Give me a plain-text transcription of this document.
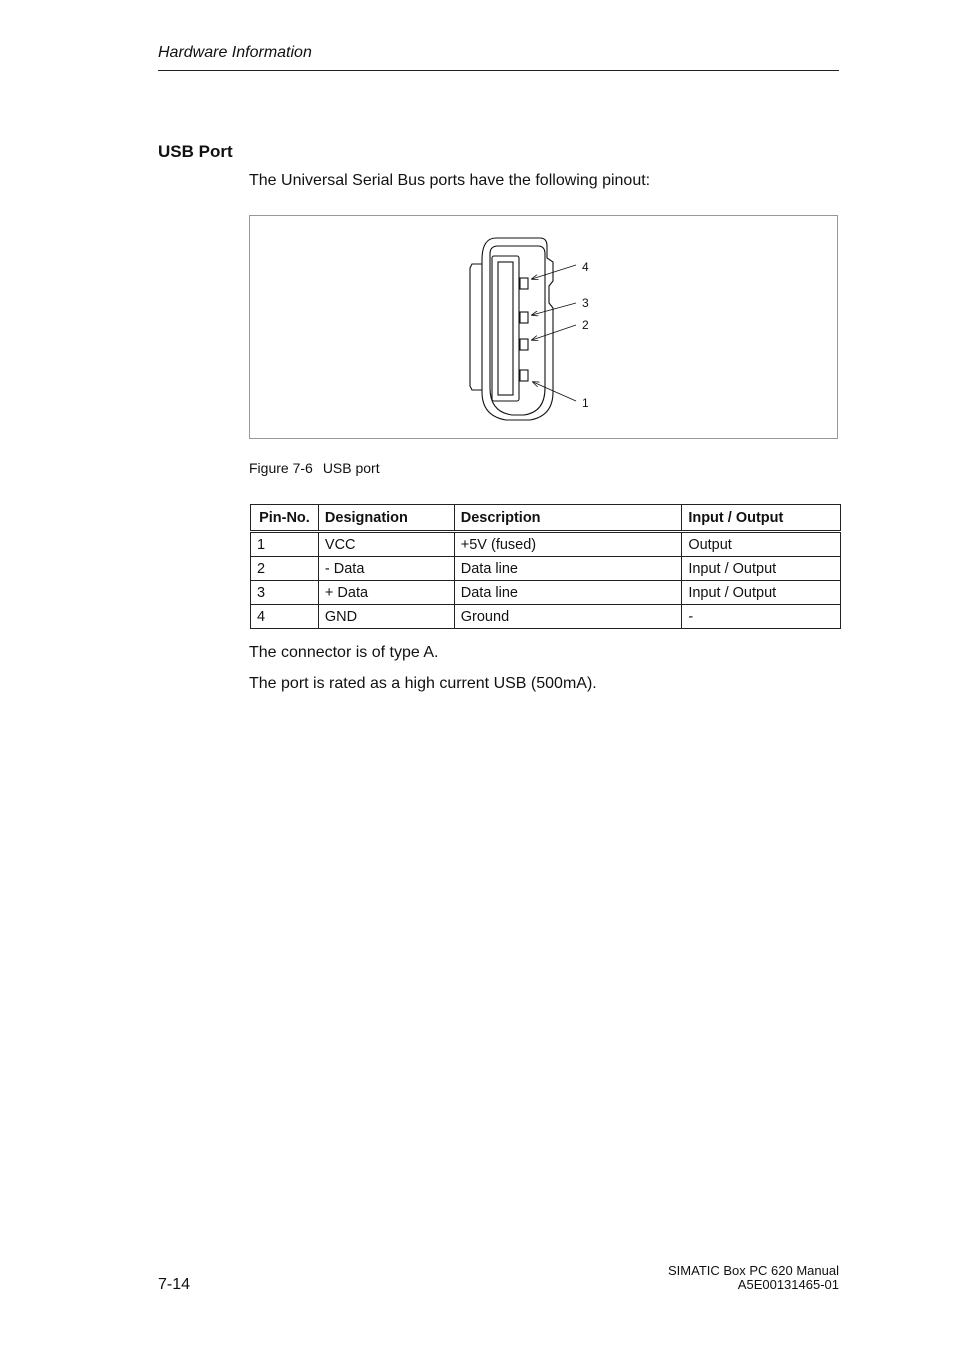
Hardware Information
USB Port
The Universal Serial Bus ports have the following pinout:
4
3
2
1
Figure 7-6 USB port
Pin-No.	Designation	Description	Input / Output
1	VCC	+5V (fused)	Output
2	- Data	Data line	Input / Output
3	+ Data	Data line	Input / Output
4	GND	Ground	-
The connector is of type A.
The port is rated as a high current USB (500mA).
7-14
SIMATIC Box PC 620 Manual
A5E00131465-01
